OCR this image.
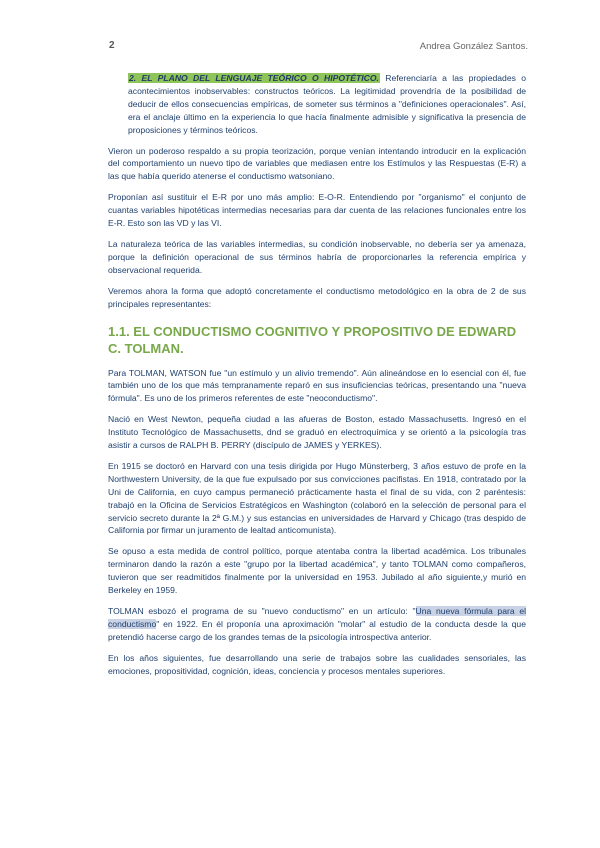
2	Andrea González Santos.

2. EL PLANO DEL LENGUAJE TEÓRICO O HIPOTÉTICO. Referenciaría a las propiedades o acontecimientos inobservables: constructos teóricos. La legitimidad provendría de la posibilidad de deducir de ellos consecuencias empíricas, de someter sus términos a "definiciones operacionales". Así, era el anclaje último en la experiencia lo que hacía finalmente admisible y significativa la presencia de proposiciones y términos teóricos.

Vieron un poderoso respaldo a su propia teorización, porque venían intentando introducir en la explicación del comportamiento un nuevo tipo de variables que mediasen entre los Estímulos y las Respuestas (E-R) a las que había querido atenerse el conductismo watsoniano.

Proponían así sustituir el E-R por uno más amplio: E-O-R. Entendiendo por "organismo" el conjunto de cuantas variables hipotéticas intermedias necesarias para dar cuenta de las relaciones funcionales entre los E-R. Esto son las VD y las VI.

La naturaleza teórica de las variables intermedias, su condición inobservable, no debería ser ya amenaza, porque la definición operacional de sus términos habría de proporcionarles la referencia empírica y observacional requerida.

Veremos ahora la forma que adoptó concretamente el conductismo metodológico en la obra de 2 de sus principales representantes:

1.1. EL CONDUCTISMO COGNITIVO Y PROPOSITIVO DE EDWARD C. TOLMAN.

Para TOLMAN, WATSON fue "un estímulo y un alivio tremendo". Aún alineándose en lo esencial con él, fue también uno de los que más tempranamente reparó en sus insuficiencias teóricas, presentando una "nueva fórmula". Es uno de los primeros referentes de este "neoconductismo".

Nació en West Newton, pequeña ciudad a las afueras de Boston, estado Massachusetts. Ingresó en el Instituto Tecnológico de Massachusetts, dnd se graduó en electroquímica y se orientó a la psicología tras asistir a cursos de RALPH B. PERRY (discípulo de JAMES y YERKES).

En 1915 se doctoró en Harvard con una tesis dirigida por Hugo Münsterberg, 3 años estuvo de profe en la Northwestern University, de la que fue expulsado por sus convicciones pacifistas. En 1918, contratado por la Uni de California, en cuyo campus permaneció prácticamente hasta el final de su vida, con 2 paréntesis: trabajó en la Oficina de Servicios Estratégicos en Washington (colaboró en la selección de personal para el servicio secreto durante la 2ª G.M.) y sus estancias en universidades de Harvard y Chicago (tras despido de California por firmar un juramento de lealtad anticomunista).

Se opuso a esta medida de control político, porque atentaba contra la libertad académica. Los tribunales terminaron dando la razón a este "grupo por la libertad académica", y tanto TOLMAN como compañeros, tuvieron que ser readmitidos finalmente por la universidad en 1953. Jubilado al año siguiente,y murió en Berkeley en 1959.

TOLMAN esbozó el programa de su "nuevo conductismo" en un artículo: "Una nueva fórmula para el conductismo" en 1922. En él proponía una aproximación "molar" al estudio de la conducta desde la que pretendió hacerse cargo de los grandes temas de la psicología introspectiva anterior.

En los años siguientes, fue desarrollando una serie de trabajos sobre las cualidades sensoriales, las emociones, propositividad, cognición, ideas, conciencia y procesos mentales superiores.
